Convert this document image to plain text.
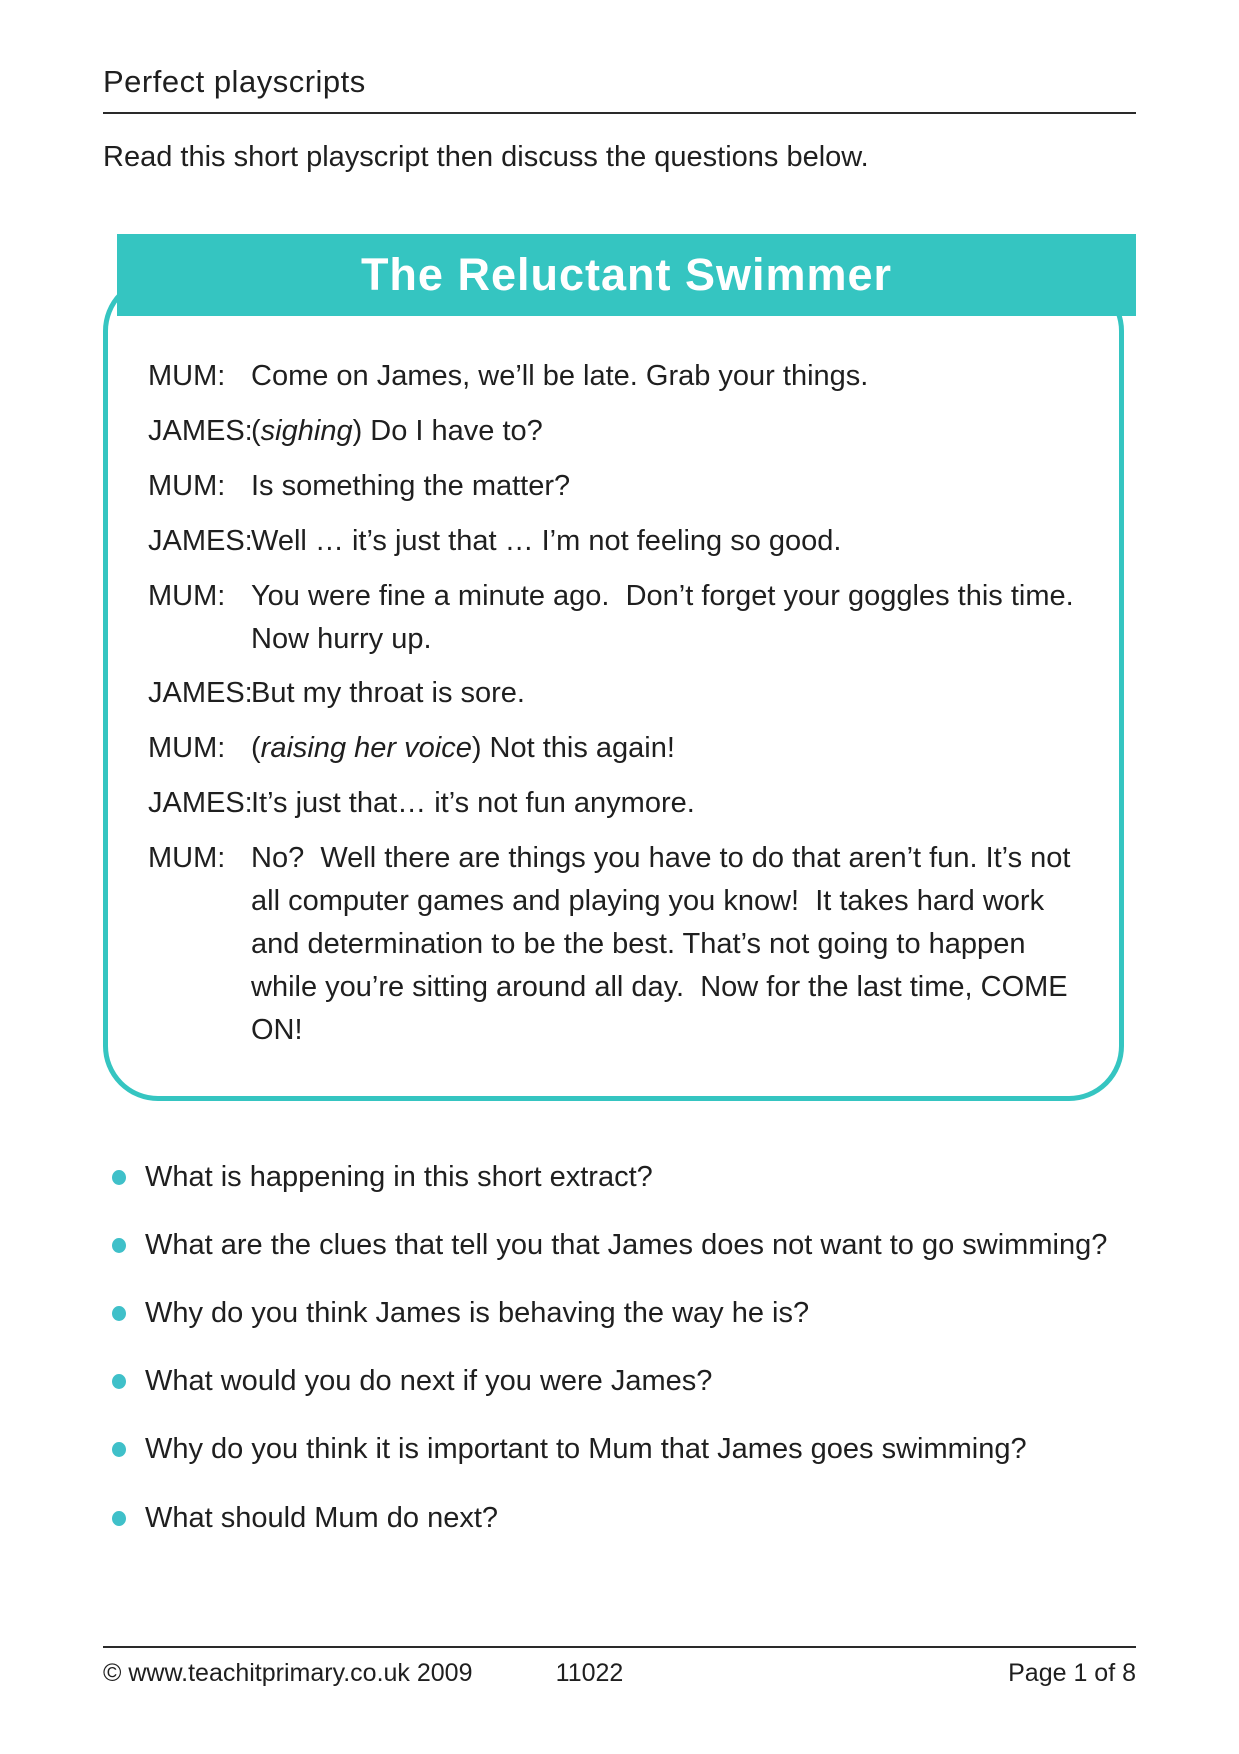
Perfect playscripts

Read this short playscript then discuss the questions below.

The Reluctant Swimmer
MUM: Come on James, we’ll be late. Grab your things.
JAMES:
(sighing) Do I have to?
MUM: Is something the matter?
JAMES:
Well … it’s just that … I’m not feeling so good.
MUM: You were fine a minute ago.  Don’t forget your goggles this time.  Now hurry up.
JAMES:
But my throat is sore.
MUM: (raising her voice) Not this again!
JAMES:
It’s just that… it’s not fun anymore.
MUM: No?  Well there are things you have to do that aren’t fun. It’s not all computer games and playing you know!  It takes hard work and determination to be the best. That’s not going to happen while you’re sitting around all day.  Now for the last time, COME ON!
What is happening in this short extract?
What are the clues that tell you that James does not want to go swimming?
Why do you think James is behaving the way he is?
What would you do next if you were James?
Why do you think it is important to Mum that James goes swimming?
What should Mum do next?
© www.teachitprimary.co.uk 2009	11022	Page 1 of 8
